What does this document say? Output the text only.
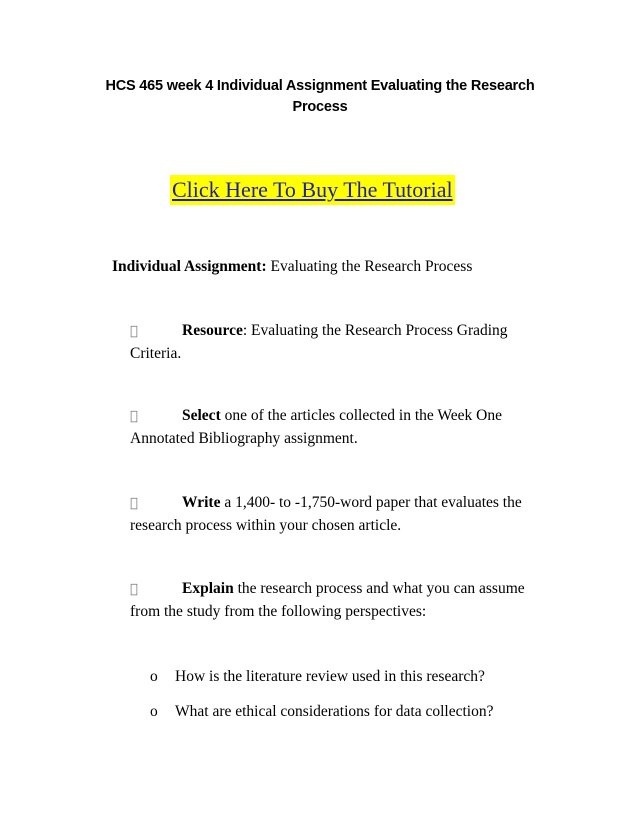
HCS 465 week 4 Individual Assignment Evaluating the Research
Process
Click Here To Buy The Tutorial
Individual Assignment: Evaluating the Research Process
Resource: Evaluating the Research Process Grading
Criteria.
Select one of the articles collected in the Week One
Annotated Bibliography assignment.
Write a 1,400- to -1,750-word paper that evaluates the
research process within your chosen article.
Explain the research process and what you can assume
from the study from the following perspectives:
o How is the literature review used in this research?
o What are ethical considerations for data collection?
